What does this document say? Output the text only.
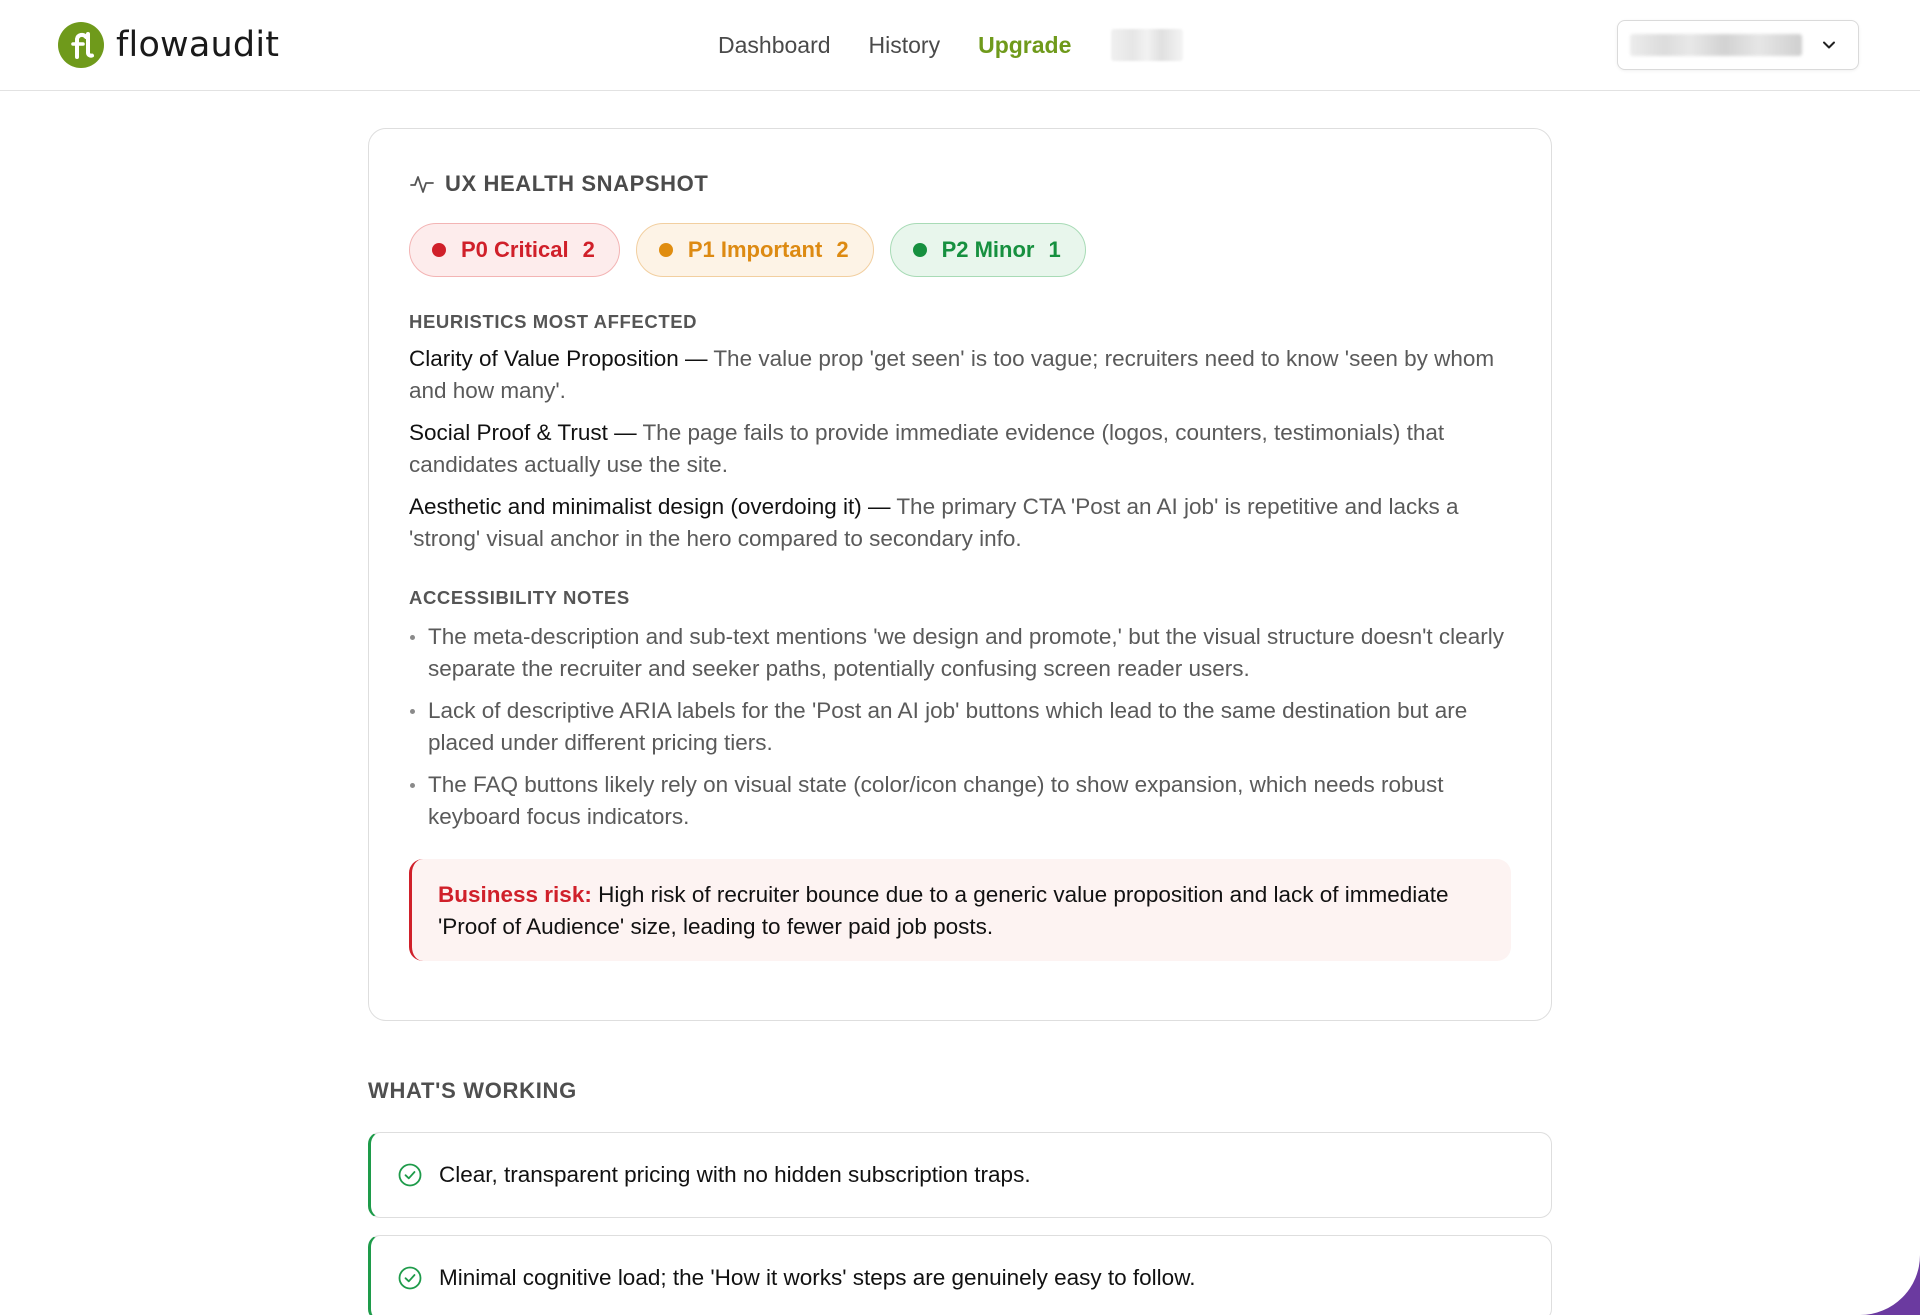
flowaudit	Dashboard History Upgrade
UX HEALTH SNAPSHOT
P0 Critical 2	P1 Important 2	P2 Minor 1
HEURISTICS MOST AFFECTED

Clarity of Value Proposition — The value prop 'get seen' is too vague; recruiters need to know 'seen by whom and how many'.

Social Proof & Trust — The page fails to provide immediate evidence (logos, counters, testimonials) that candidates actually use the site.

Aesthetic and minimalist design (overdoing it) — The primary CTA 'Post an AI job' is repetitive and lacks a 'strong' visual anchor in the hero compared to secondary info.

ACCESSIBILITY NOTES
The meta-description and sub-text mentions 'we design and promote,' but the visual structure doesn't clearly separate the recruiter and seeker paths, potentially confusing screen reader users.
Lack of descriptive ARIA labels for the 'Post an AI job' buttons which lead to the same destination but are placed under different pricing tiers.
The FAQ buttons likely rely on visual state (color/icon change) to show expansion, which needs robust keyboard focus indicators.
Business risk: High risk of recruiter bounce due to a generic value proposition and lack of immediate 'Proof of Audience' size, leading to fewer paid job posts.
WHAT'S WORKING
Clear, transparent pricing with no hidden subscription traps.
Minimal cognitive load; the 'How it works' steps are genuinely easy to follow.
